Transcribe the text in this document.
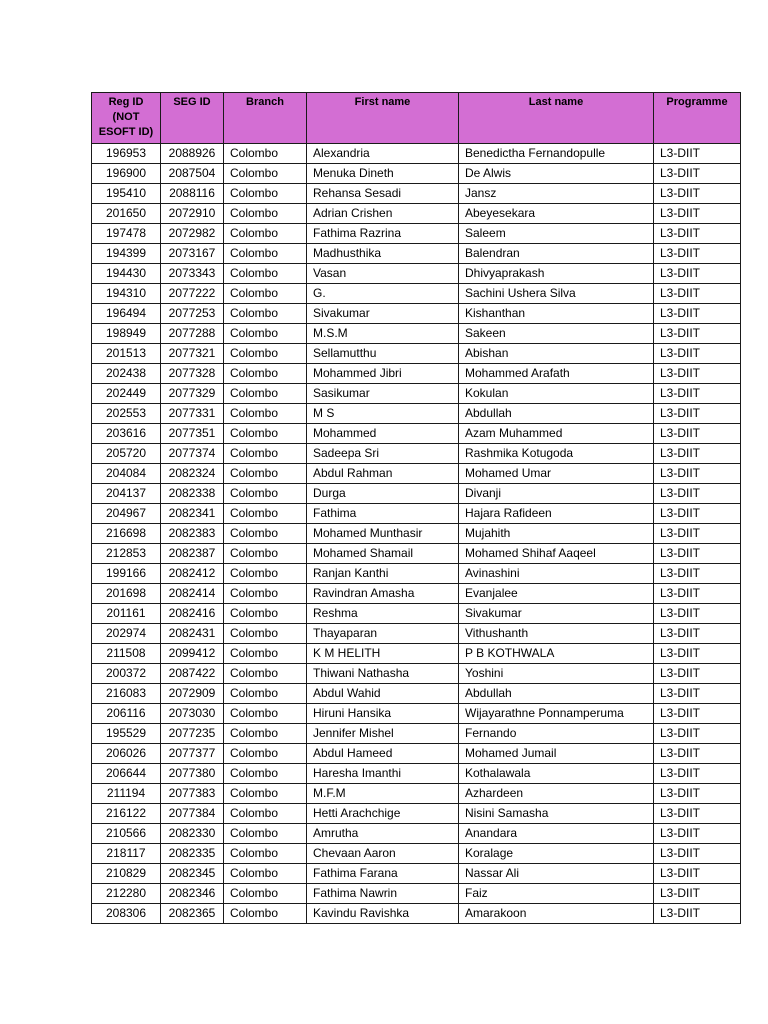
Reg ID (NOT ESOFT ID)	SEG ID	Branch	First name	Last name	Programme
196953	2088926	Colombo	Alexandria	Benedictha Fernandopulle	L3-DIIT
196900	2087504	Colombo	Menuka Dineth	De Alwis	L3-DIIT
195410	2088116	Colombo	Rehansa Sesadi	Jansz	L3-DIIT
201650	2072910	Colombo	Adrian Crishen	Abeyesekara	L3-DIIT
197478	2072982	Colombo	Fathima Razrina	Saleem	L3-DIIT
194399	2073167	Colombo	Madhusthika	Balendran	L3-DIIT
194430	2073343	Colombo	Vasan	Dhivyaprakash	L3-DIIT
194310	2077222	Colombo	G.	Sachini Ushera Silva	L3-DIIT
196494	2077253	Colombo	Sivakumar	Kishanthan	L3-DIIT
198949	2077288	Colombo	M.S.M	Sakeen	L3-DIIT
201513	2077321	Colombo	Sellamutthu	Abishan	L3-DIIT
202438	2077328	Colombo	Mohammed Jibri	Mohammed Arafath	L3-DIIT
202449	2077329	Colombo	Sasikumar	Kokulan	L3-DIIT
202553	2077331	Colombo	M S	Abdullah	L3-DIIT
203616	2077351	Colombo	Mohammed	Azam Muhammed	L3-DIIT
205720	2077374	Colombo	Sadeepa Sri	Rashmika Kotugoda	L3-DIIT
204084	2082324	Colombo	Abdul Rahman	Mohamed Umar	L3-DIIT
204137	2082338	Colombo	Durga	Divanji	L3-DIIT
204967	2082341	Colombo	Fathima	Hajara Rafideen	L3-DIIT
216698	2082383	Colombo	Mohamed Munthasir	Mujahith	L3-DIIT
212853	2082387	Colombo	Mohamed Shamail	Mohamed Shihaf Aaqeel	L3-DIIT
199166	2082412	Colombo	Ranjan Kanthi	Avinashini	L3-DIIT
201698	2082414	Colombo	Ravindran Amasha	Evanjalee	L3-DIIT
201161	2082416	Colombo	Reshma	Sivakumar	L3-DIIT
202974	2082431	Colombo	Thayaparan	Vithushanth	L3-DIIT
211508	2099412	Colombo	K M HELITH	P B KOTHWALA	L3-DIIT
200372	2087422	Colombo	Thiwani Nathasha	Yoshini	L3-DIIT
216083	2072909	Colombo	Abdul Wahid	Abdullah	L3-DIIT
206116	2073030	Colombo	Hiruni Hansika	Wijayarathne Ponnamperuma	L3-DIIT
195529	2077235	Colombo	Jennifer Mishel	Fernando	L3-DIIT
206026	2077377	Colombo	Abdul Hameed	Mohamed Jumail	L3-DIIT
206644	2077380	Colombo	Haresha Imanthi	Kothalawala	L3-DIIT
211194	2077383	Colombo	M.F.M	Azhardeen	L3-DIIT
216122	2077384	Colombo	Hetti Arachchige	Nisini Samasha	L3-DIIT
210566	2082330	Colombo	Amrutha	Anandara	L3-DIIT
218117	2082335	Colombo	Chevaan Aaron	Koralage	L3-DIIT
210829	2082345	Colombo	Fathima Farana	Nassar Ali	L3-DIIT
212280	2082346	Colombo	Fathima Nawrin	Faiz	L3-DIIT
208306	2082365	Colombo	Kavindu Ravishka	Amarakoon	L3-DIIT
